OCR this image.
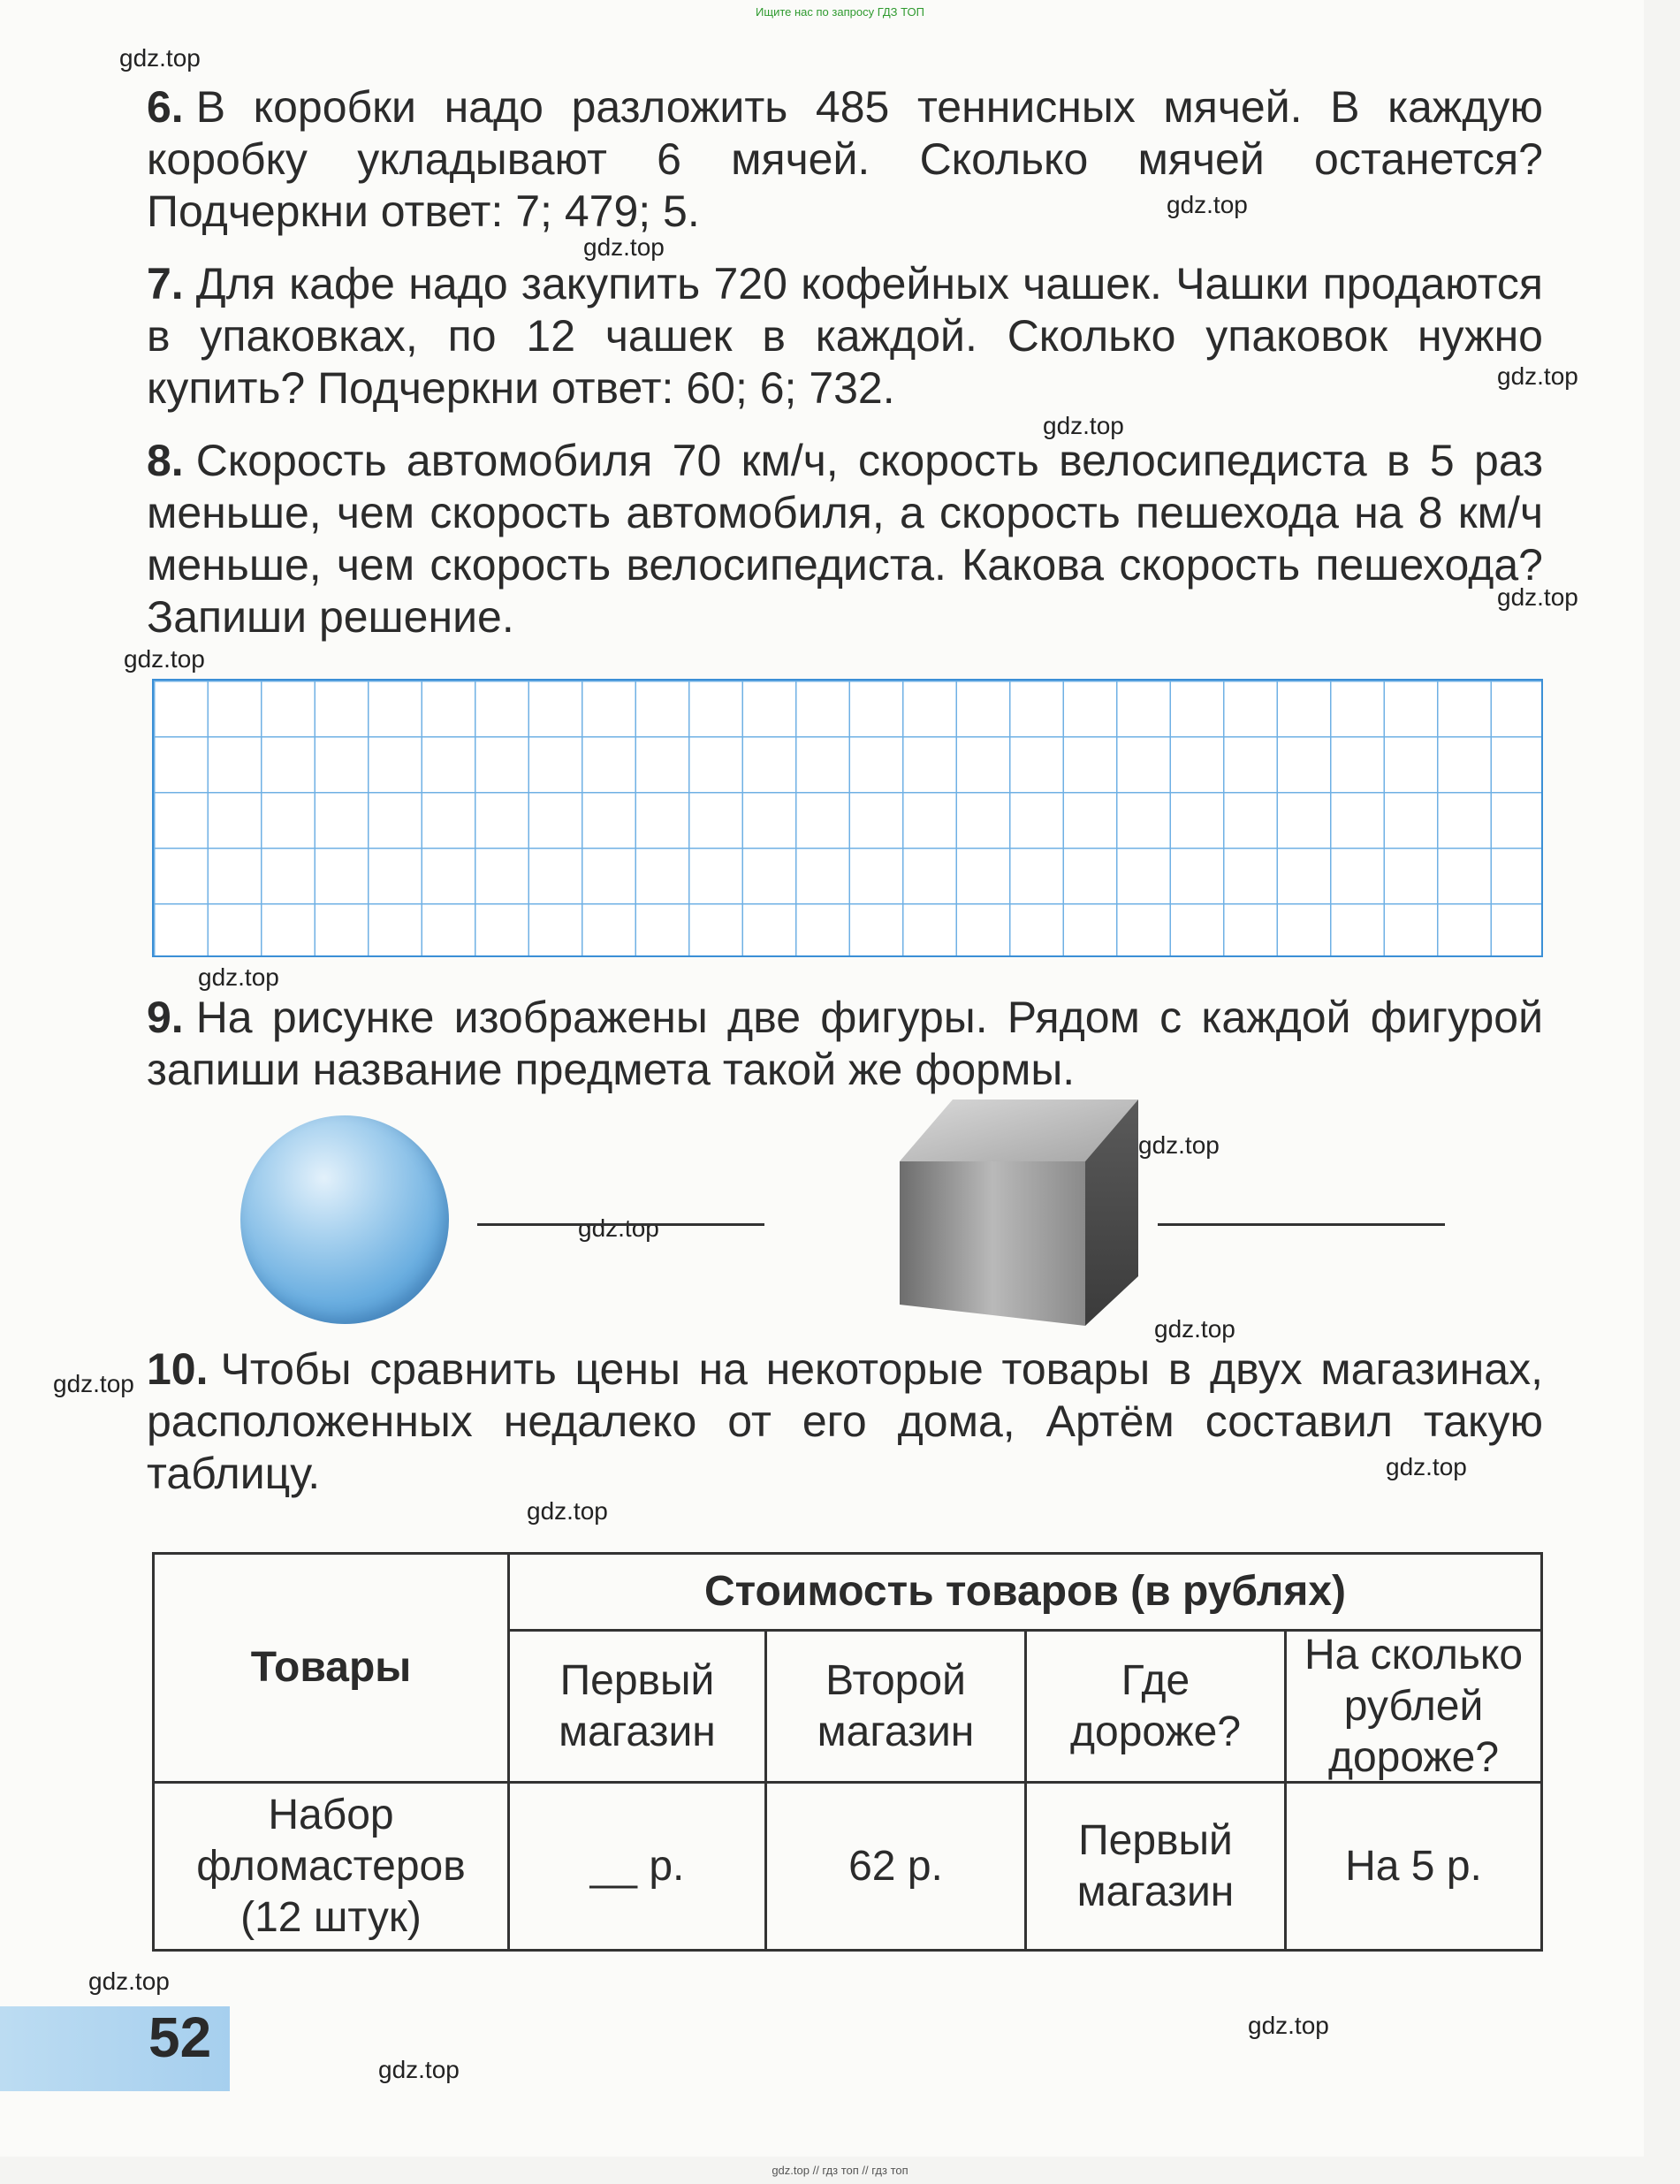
Ищите нас по запросу ГДЗ ТОП
gdz.top
gdz.top
gdz.top
gdz.top
gdz.top
gdz.top
gdz.top
gdz.top
gdz.top
gdz.top
gdz.top
gdz.top
gdz.top
gdz.top
gdz.top
gdz.top
gdz.top
6. В коробки надо разложить 485 теннисных мячей. В каждую коробку укладывают 6 мячей. Сколько мячей останется? Подчеркни ответ: 7; 479; 5.
7. Для кафе надо закупить 720 кофейных чашек. Чашки продаются в упаковках, по 12 чашек в каждой. Сколько упаковок нужно купить? Подчеркни ответ: 60; 6; 732.
8. Скорость автомобиля 70 км/ч, скорость велосипедиста в 5 раз меньше, чем скорость автомобиля, а скорость пешехода на 8 км/ч меньше, чем скорость велосипедиста. Какова скорость пешехода? Запиши решение.
9. На рисунке изображены две фигуры. Рядом с каждой фигурой запиши название предмета такой же формы.
10. Чтобы сравнить цены на некоторые товары в двух магазинах, расположенных недалеко от его дома, Артём составил такую таблицу.
Товары
Стоимость товаров (в рублях)
Первый магазин
Второй магазин
Где дороже?
На сколько рублей дороже?
Набор фломастеров (12 штук)
__ р.	62 р.
Первый магазин
На 5 р.
52
gdz.top // гдз топ // гдз топ
